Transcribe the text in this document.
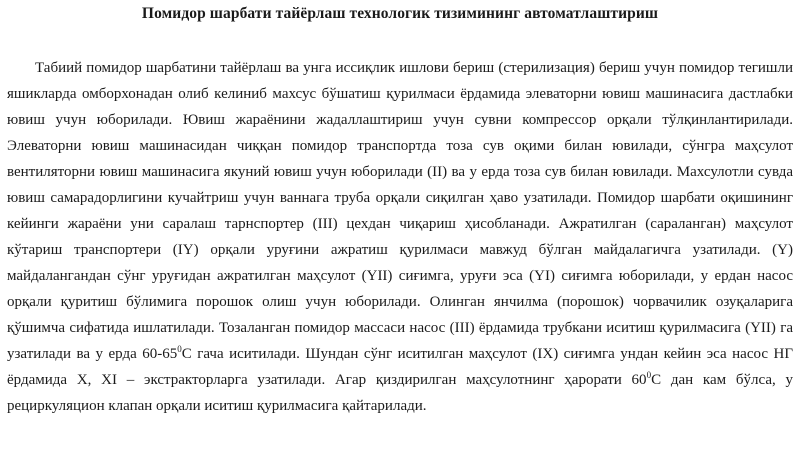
Помидор шарбати тайёрлаш технологик тизимининг автоматлаштириш

Табиий помидор шарбатини тайёрлаш ва унга иссиқлик ишлови бериш (стерилизация) бериш учун помидор тегишли яшикларда омборхонадан олиб келиниб махсус бўшатиш қурилмаси ёрдамида элеваторни ювиш машинасига дастлабки ювиш учун юборилади. Ювиш жараёнини жадаллаштириш учун сувни компрессор орқали тўлқинлантирилади. Элеваторни ювиш машинасидан чиққан помидор транспортда тоза сув оқими билан ювилади, сўнгра маҳсулот вентиляторни ювиш машинасига якуний ювиш учун юборилади (II) ва у ерда тоза сув билан ювилади. Махсулотли сувда ювиш самарадорлигини кучайтриш учун ваннага труба орқали сиқилган ҳаво узатилади. Помидор шарбати оқишининг кейинги жараёни уни саралаш тарнспортер (III) цехдан чиқариш ҳисобланади. Ажратилган (сараланган) маҳсулот кўтариш транспортери (IY) орқали уруғини ажратиш қурилмаси мавжуд бўлган майдалагичга узатилади. (Y) майдалангандан сўнг уруғидан ажратилган маҳсулот (YII) сиғимга, уруғи эса (YI) сиғимга юборилади, у ердан насос орқали қуритиш бўлимига порошок олиш учун юборилади. Олинган янчилма (порошок) чорвачилик озуқаларига қўшимча сифатида ишлатилади. Тозаланган помидор массаси насос (III) ёрдамида трубкани иситиш қурилмасига (YII) га узатилади ва у ерда $60-65^0С$ гача иситилади. Шундан сўнг иситилган маҳсулот (IX) сиғимга ундан кейин эса насос НГ ёрдамида X, XI – экстракторларга узатилади. Агар қиздирилган маҳсулотнинг ҳарорати $60^0С$ дан кам бўлса, у рециркуляцион клапан орқали иситиш қурилмасига қайтарилади.
